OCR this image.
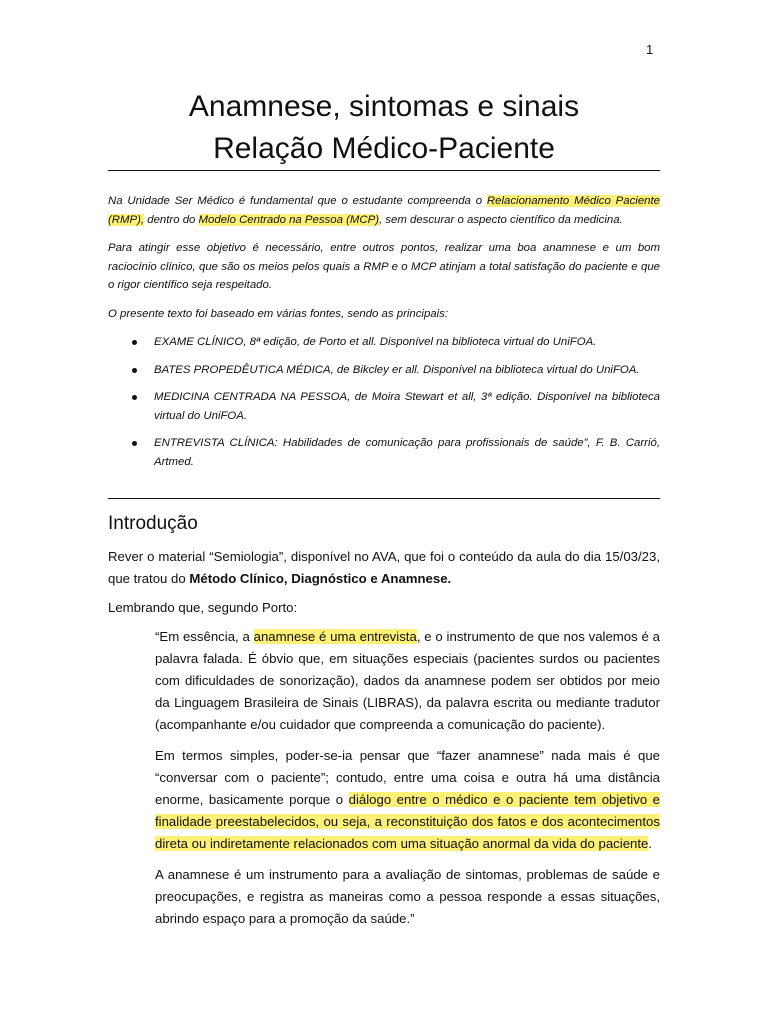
1
Anamnese, sintomas e sinais
Relação Médico-Paciente

Na Unidade Ser Médico é fundamental que o estudante compreenda o Relacionamento Médico Paciente (RMP), dentro do Modelo Centrado na Pessoa (MCP), sem descurar o aspecto científico da medicina.

Para atingir esse objetivo é necessário, entre outros pontos, realizar uma boa anamnese e um bom raciocínio clínico, que são os meios pelos quais a RMP e o MCP atinjam a total satisfação do paciente e que o rigor científico seja respeitado.

O presente texto foi baseado em várias fontes, sendo as principais:

EXAME CLÍNICO, 8ª edição, de Porto et all. Disponível na biblioteca virtual do UniFOA.
BATES PROPEDÊUTICA MÉDICA, de Bikcley er all. Disponível na biblioteca virtual do UniFOA.
MEDICINA CENTRADA NA PESSOA, de Moira Stewart et all, 3ª edição. Disponível na biblioteca virtual do UniFOA.
ENTREVISTA CLÍNICA: Habilidades de comunicação para profissionais de saúde”, F. B. Carrió, Artmed.
Introdução

Rever o material “Semiologia”, disponível no AVA, que foi o conteúdo da aula do dia 15/03/23, que tratou do Método Clínico, Diagnóstico e Anamnese.

Lembrando que, segundo Porto:

“Em essência, a anamnese é uma entrevista, e o instrumento de que nos valemos é a palavra falada. É óbvio que, em situações especiais (pacientes surdos ou pacientes com dificuldades de sonorização), dados da anamnese podem ser obtidos por meio da Linguagem Brasileira de Sinais (LIBRAS), da palavra escrita ou mediante tradutor (acompanhante e/ou cuidador que compreenda a comunicação do paciente).

Em termos simples, poder-se-ia pensar que “fazer anamnese” nada mais é que “conversar com o paciente”; contudo, entre uma coisa e outra há uma distância enorme, basicamente porque o diálogo entre o médico e o paciente tem objetivo e finalidade preestabelecidos, ou seja, a reconstituição dos fatos e dos acontecimentos direta ou indiretamente relacionados com uma situação anormal da vida do paciente.

A anamnese é um instrumento para a avaliação de sintomas, problemas de saúde e preocupações, e registra as maneiras como a pessoa responde a essas situações, abrindo espaço para a promoção da saúde.”
